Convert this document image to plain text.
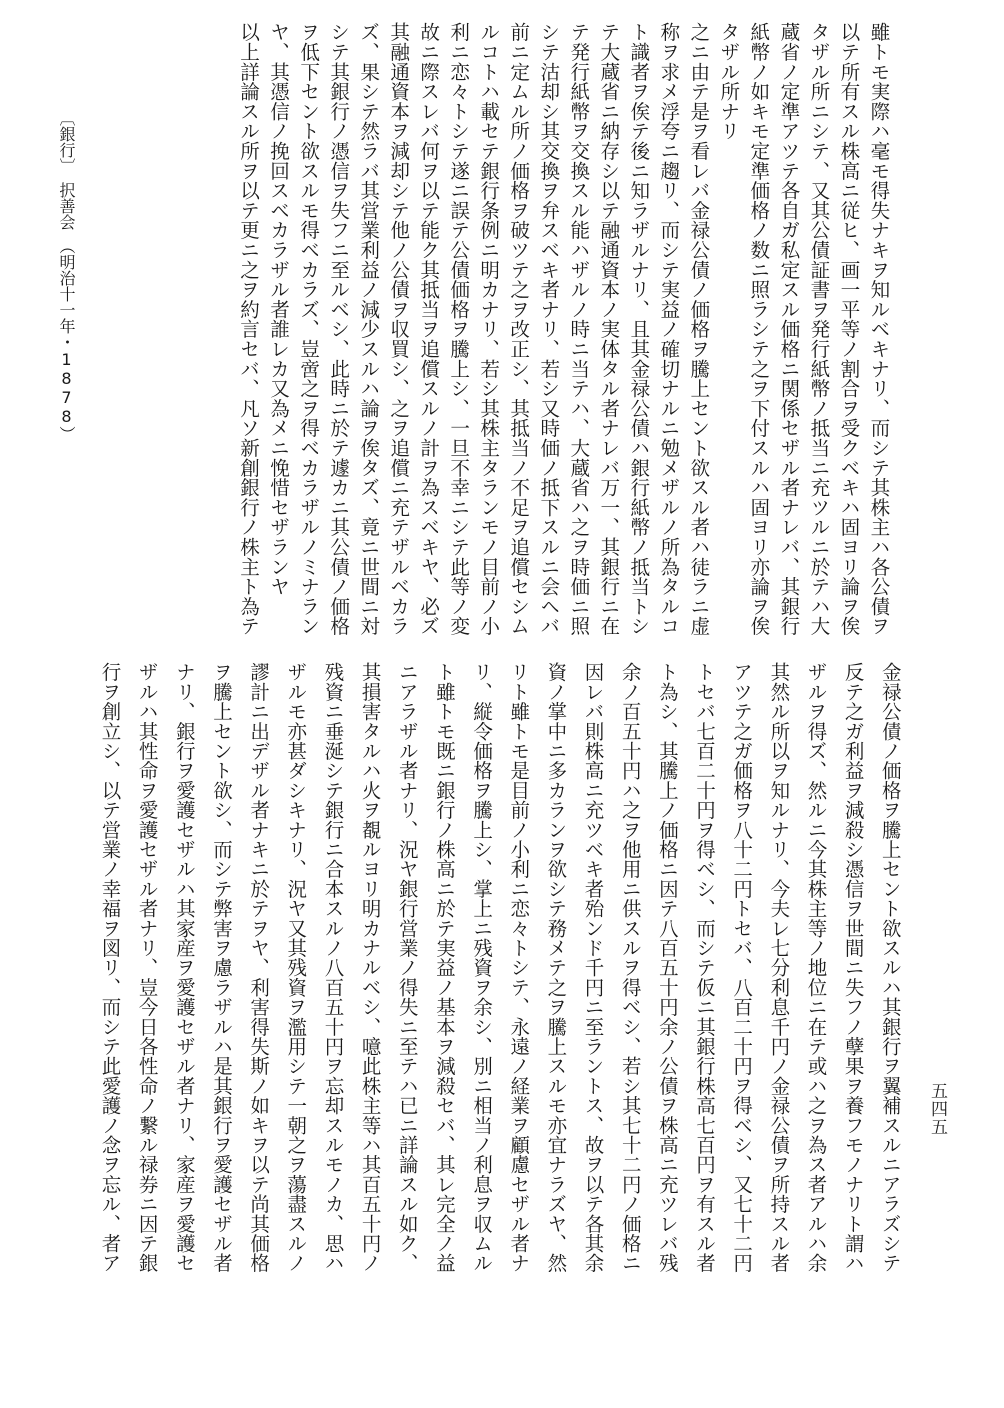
〔銀行〕　択善会　（明治十一年・1878）	雖トモ実際ハ毫モ得失ナキヲ知ルベキナリ、而シテ其株主ハ各公債ヲ
以テ所有スル株高ニ従ヒ、画一平等ノ割合ヲ受クベキハ固ヨリ論ヲ俟
タザル所ニシテ、又其公債証書ヲ発行紙幣ノ抵当ニ充ツルニ於テハ大
蔵省ノ定準アツテ各自ガ私定スル価格ニ関係セザル者ナレバ、其銀行
紙幣ノ如キモ定準価格ノ数ニ照ラシテ之ヲ下付スルハ固ヨリ亦論ヲ俟
タザル所ナリ
之ニ由テ是ヲ看レバ金禄公債ノ価格ヲ騰上セント欲スル者ハ徒ラニ虚
称ヲ求メ浮夸ニ趨リ、而シテ実益ノ確切ナルニ勉メザルノ所為タルコ
ト識者ヲ俟テ後ニ知ラザルナリ、且其金禄公債ハ銀行紙幣ノ抵当トシ
テ大蔵省ニ納存シ以テ融通資本ノ実体タル者ナレバ万一、其銀行ニ在
テ発行紙幣ヲ交換スル能ハザルノ時ニ当テハ、大蔵省ハ之ヲ時価ニ照
シテ沽却シ其交換ヲ弁スベキ者ナリ、若シ又時価ノ抵下スルニ会ヘバ
前ニ定ムル所ノ価格ヲ破ツテ之ヲ改正シ、其抵当ノ不足ヲ追償セシム
ルコトハ載セテ銀行条例ニ明カナリ、若シ其株主タランモノ目前ノ小
利ニ恋々トシテ遂ニ誤テ公債価格ヲ騰上シ、一旦不幸ニシテ此等ノ変
故ニ際スレバ何ヲ以テ能ク其抵当ヲ追償スルノ計ヲ為スベキヤ、必ズ
其融通資本ヲ減却シテ他ノ公債ヲ収買シ、之ヲ追償ニ充テザルベカラ
ズ、果シテ然ラバ其営業利益ノ減少スルハ論ヲ俟タズ、竟ニ世間ニ対
シテ其銀行ノ憑信ヲ失フニ至ルベシ、此時ニ於テ遽カニ其公債ノ価格
ヲ低下セント欲スルモ得ベカラズ、豈啻之ヲ得ベカラザルノミナラン
ヤ、其憑信ノ挽回スベカラザル者誰レカ又為メニ悗惜セザランヤ
以上詳論スル所ヲ以テ更ニ之ヲ約言セバ、凡ソ新創銀行ノ株主ト為テ
金禄公債ノ価格ヲ騰上セント欲スルハ其銀行ヲ翼補スルニアラズシテ
反テ之ガ利益ヲ減殺シ憑信ヲ世間ニ失フノ孽果ヲ養フモノナリト謂ハ
ザルヲ得ズ、然ルニ今其株主等ノ地位ニ在テ或ハ之ヲ為ス者アルハ余
其然ル所以ヲ知ルナリ、今夫レ七分利息千円ノ金禄公債ヲ所持スル者
アツテ之ガ価格ヲ八十二円トセバ、八百二十円ヲ得ベシ、又七十二円
トセバ七百二十円ヲ得ベシ、而シテ仮ニ其銀行株高七百円ヲ有スル者
ト為シ、其騰上ノ価格ニ因テ八百五十円余ノ公債ヲ株高ニ充ツレバ残
余ノ百五十円ハ之ヲ他用ニ供スルヲ得ベシ、若シ其七十二円ノ価格ニ
因レバ則株高ニ充ツベキ者殆ンド千円ニ至ラントス、故ヲ以テ各其余
資ノ掌中ニ多カランヲ欲シテ務メテ之ヲ騰上スルモ亦宜ナラズヤ、然
リト雖トモ是目前ノ小利ニ恋々トシテ、永遠ノ経業ヲ顧慮セザル者ナ
リ、縦令価格ヲ騰上シ、掌上ニ残資ヲ余シ、別ニ相当ノ利息ヲ収ムル
ト雖トモ既ニ銀行ノ株高ニ於テ実益ノ基本ヲ減殺セバ、其レ完全ノ益
ニアラザル者ナリ、況ヤ銀行営業ノ得失ニ至テハ已ニ詳論スル如ク、
其損害タルハ火ヲ覩ルヨリ明カナルベシ、噫此株主等ハ其百五十円ノ
残資ニ垂涎シテ銀行ニ合本スルノ八百五十円ヲ忘却スルモノカ、思ハ
ザルモ亦甚ダシキナリ、況ヤ又其残資ヲ濫用シテ一朝之ヲ蕩盡スルノ
謬計ニ出デザル者ナキニ於テヲヤ、利害得失斯ノ如キヲ以テ尚其価格
ヲ騰上セント欲シ、而シテ弊害ヲ慮ラザルハ是其銀行ヲ愛護セザル者
ナリ、銀行ヲ愛護セザルハ其家産ヲ愛護セザル者ナリ、家産ヲ愛護セ
ザルハ其性命ヲ愛護セザル者ナリ、豈今日各性命ノ繋ル禄券ニ因テ銀
行ヲ創立シ、以テ営業ノ幸福ヲ図リ、而シテ此愛護ノ念ヲ忘ル、者ア	五四五
